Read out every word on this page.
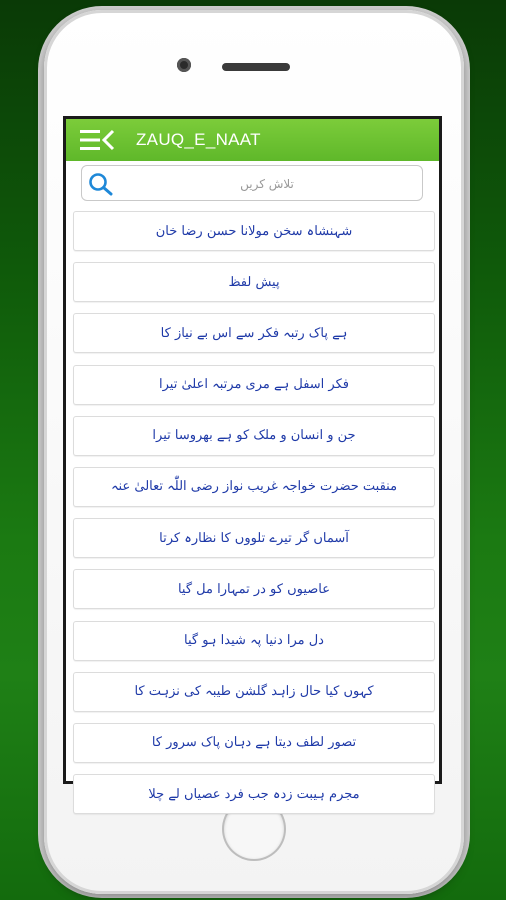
ZAUQ_E_NAAT
تلاش کریں
شہنشاہ سخن مولانا حسن رضا خان
پیش لفظ
ہے پاک رتبہ فکر سے اس بے نیاز کا
فکر اسفل ہے مری مرتبہ اعلیٰ تیرا
جن و انسان و ملک کو ہے بھروسا تیرا
منقبت حضرت خواجہ غریب نواز رضی اللّٰہ تعالیٰ عنہ
آسماں گر تیرے تلووں کا نظارہ کرتا
عاصیوں کو در تمہارا مل گیا
دل مرا دنیا پہ شیدا ہو گیا
کہوں کیا حال زاہد گلشن طیبہ کی نزہت کا
تصور لطف دیتا ہے دہان پاک سرور کا
مجرم ہیبت زدہ جب فرد عصیاں لے چلا
